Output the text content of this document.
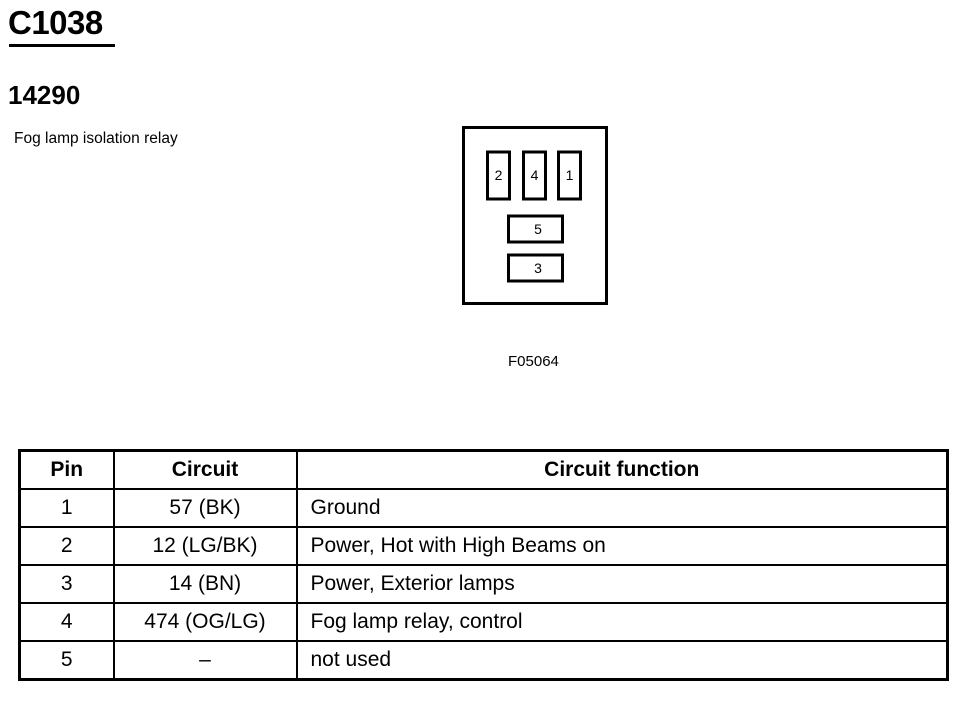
C1038
14290
Fog lamp isolation relay
2 4 1
5
3
F05064
Pin	Circuit	Circuit function
1	57 (BK)	Ground
2	12 (LG/BK)	Power, Hot with High Beams on
3	14 (BN)	Power, Exterior lamps
4	474 (OG/LG)	Fog lamp relay, control
5	–	not used
